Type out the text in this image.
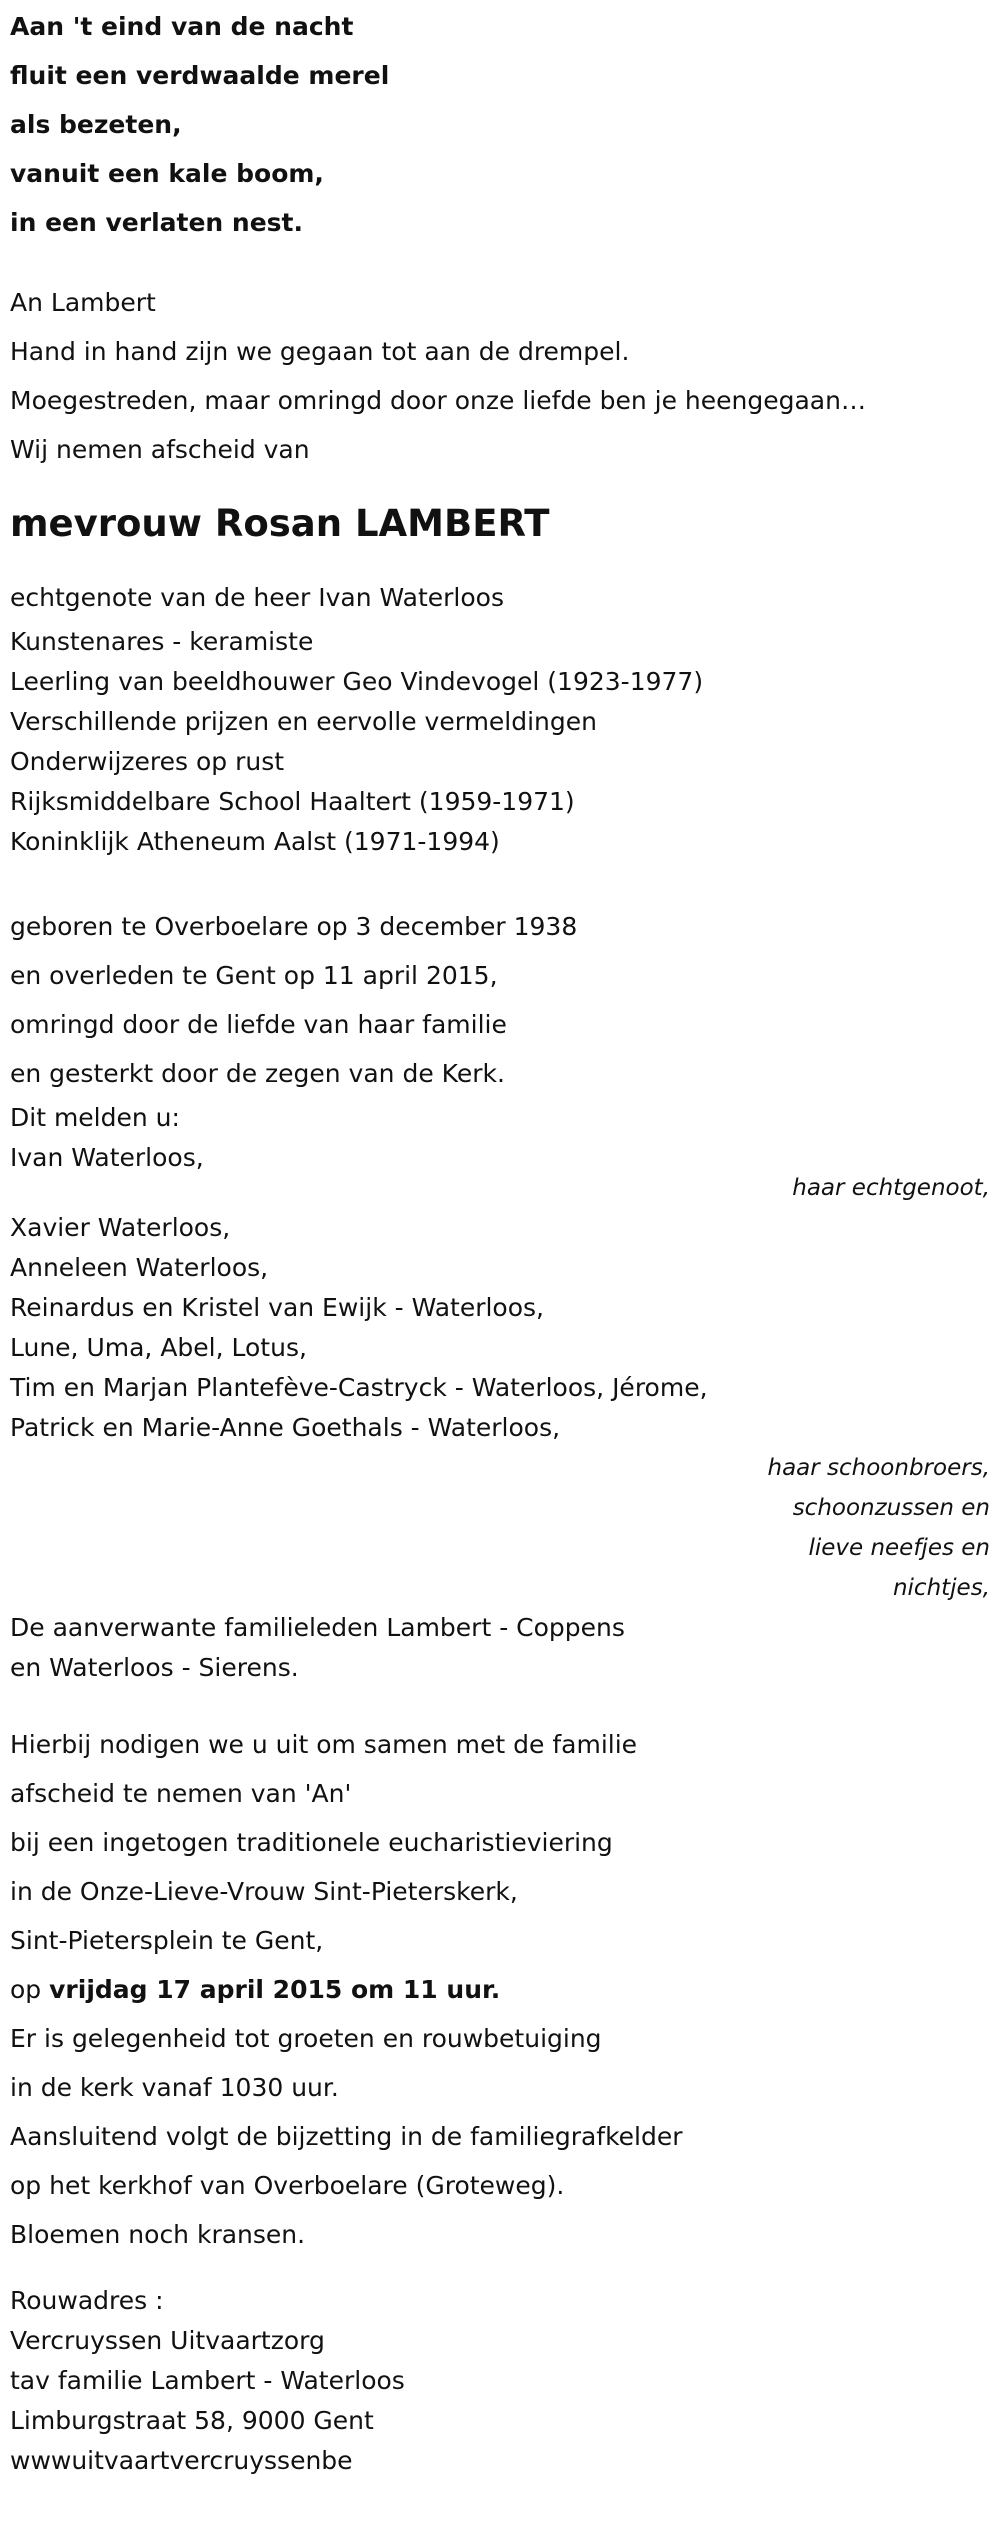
Aan 't eind van de nacht
fluit een verdwaalde merel
als bezeten,
vanuit een kale boom,
in een verlaten nest.
An Lambert
Hand in hand zijn we gegaan tot aan de drempel.
Moegestreden, maar omringd door onze liefde ben je heengegaan…
Wij nemen afscheid van
mevrouw Rosan LAMBERT
echtgenote van de heer Ivan Waterloos
Kunstenares - keramiste
Leerling van beeldhouwer Geo Vindevogel (1923-1977)
Verschillende prijzen en eervolle vermeldingen
Onderwijzeres op rust
Rijksmiddelbare School Haaltert (1959-1971)
Koninklijk Atheneum Aalst (1971-1994)
geboren te Overboelare op 3 december 1938
en overleden te Gent op 11 april 2015,
omringd door de liefde van haar familie
en gesterkt door de zegen van de Kerk.
Dit melden u:
Ivan Waterloos,
haar echtgenoot,
Xavier Waterloos,
Anneleen Waterloos,
Reinardus en Kristel van Ewijk - Waterloos,
Lune, Uma, Abel, Lotus,
Tim en Marjan Plantefève-Castryck - Waterloos, Jérome,
Patrick en Marie-Anne Goethals - Waterloos,
haar schoonbroers,
schoonzussen en
lieve neefjes en
nichtjes,
De aanverwante familieleden Lambert - Coppens
en Waterloos - Sierens.
Hierbij nodigen we u uit om samen met de familie
afscheid te nemen van 'An'
bij een ingetogen traditionele eucharistieviering
in de Onze-Lieve-Vrouw Sint-Pieterskerk,
Sint-Pietersplein te Gent,
op vrijdag 17 april 2015 om 11 uur.
Er is gelegenheid tot groeten en rouwbetuiging
in de kerk vanaf 1030 uur.
Aansluitend volgt de bijzetting in de familiegrafkelder
op het kerkhof van Overboelare (Groteweg).
Bloemen noch kransen.
Rouwadres :
Vercruyssen Uitvaartzorg
tav familie Lambert - Waterloos
Limburgstraat 58, 9000 Gent
wwwuitvaartvercruyssenbe
